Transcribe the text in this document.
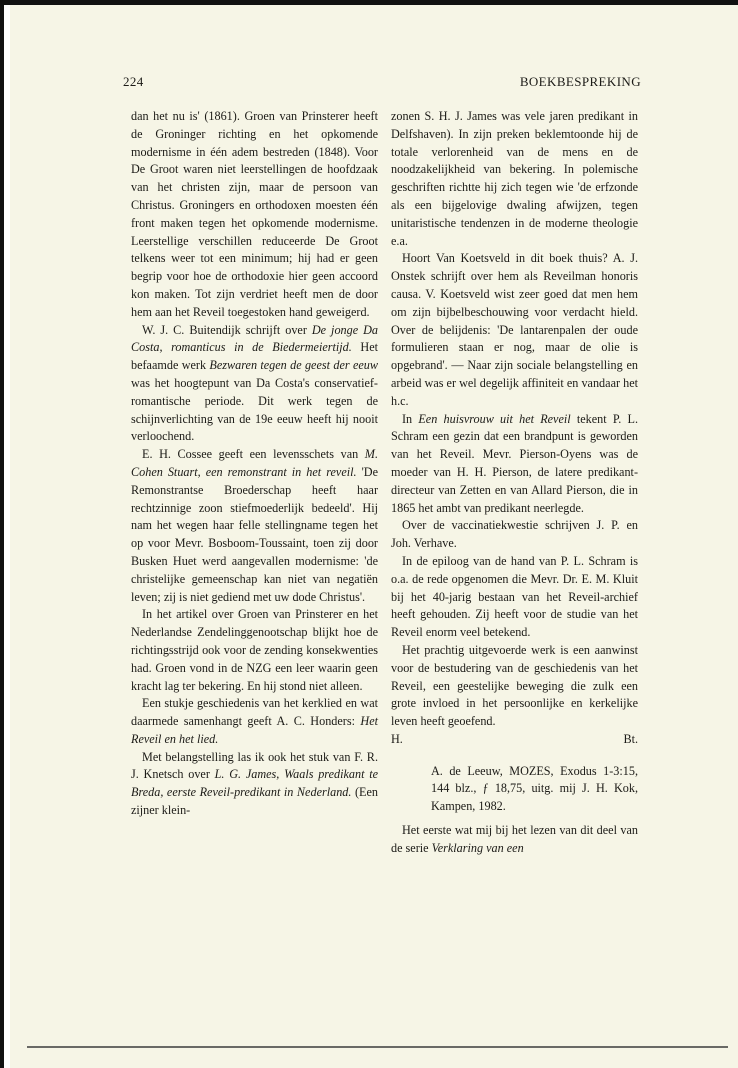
224	BOEKBESPREKING

dan het nu is' (1861). Groen van Prinsterer heeft de Groninger richting en het opkomende modernisme in één adem bestreden (1848). Voor De Groot waren niet leerstellingen de hoofdzaak van het christen zijn, maar de persoon van Christus. Groningers en orthodoxen moesten één front maken tegen het opkomende modernisme. Leerstellige verschillen reduceerde De Groot telkens weer tot een minimum; hij had er geen begrip voor hoe de orthodoxie hier geen accoord kon maken. Tot zijn verdriet heeft men de door hem aan het Reveil toegestoken hand geweigerd.

W. J. C. Buitendijk schrijft over De jonge Da Costa, romanticus in de Biedermeiertijd. Het befaamde werk Bezwaren tegen de geest der eeuw was het hoogtepunt van Da Costa's conservatief-romantische periode. Dit werk tegen de schijnverlichting van de 19e eeuw heeft hij nooit verloochend.

E. H. Cossee geeft een levensschets van M. Cohen Stuart, een remonstrant in het reveil. 'De Remonstrantse Broederschap heeft haar rechtzinnige zoon stiefmoederlijk bedeeld'. Hij nam het wegen haar felle stellingname tegen het op voor Mevr. Bosboom-Toussaint, toen zij door Busken Huet werd aangevallen modernisme: 'de christelijke gemeenschap kan niet van negatiën leven; zij is niet gediend met uw dode Christus'.

In het artikel over Groen van Prinsterer en het Nederlandse Zendelinggenootschap blijkt hoe de richtingsstrijd ook voor de zending konsekwenties had. Groen vond in de NZG een leer waarin geen kracht lag ter bekering. En hij stond niet alleen.

Een stukje geschiedenis van het kerklied en wat daarmede samenhangt geeft A. C. Honders: Het Reveil en het lied.

Met belangstelling las ik ook het stuk van F. R. J. Knetsch over L. G. James, Waals predikant te Breda, eerste Reveil-predikant in Nederland. (Een zijner klein-

zonen S. H. J. James was vele jaren predikant in Delfshaven). In zijn preken beklemtoonde hij de totale verlorenheid van de mens en de noodzakelijkheid van bekering. In polemische geschriften richtte hij zich tegen wie 'de erfzonde als een bijgelovige dwaling afwijzen, tegen unitaristische tendenzen in de moderne theologie e.a.

Hoort Van Koetsveld in dit boek thuis? A. J. Onstek schrijft over hem als Reveilman honoris causa. V. Koetsveld wist zeer goed dat men hem om zijn bijbelbeschouwing voor verdacht hield. Over de belijdenis: 'De lantarenpalen der oude formulieren staan er nog, maar de olie is opgebrand'. — Naar zijn sociale belangstelling en arbeid was er wel degelijk affiniteit en vandaar het h.c.

In Een huisvrouw uit het Reveil tekent P. L. Schram een gezin dat een brandpunt is geworden van het Reveil. Mevr. Pierson-Oyens was de moeder van H. H. Pierson, de latere predikant-directeur van Zetten en van Allard Pierson, die in 1865 het ambt van predikant neerlegde.

Over de vaccinatiekwestie schrijven J. P. en Joh. Verhave.

In de epiloog van de hand van P. L. Schram is o.a. de rede opgenomen die Mevr. Dr. E. M. Kluit bij het 40-jarig bestaan van het Reveil-archief heeft gehouden. Zij heeft voor de studie van het Reveil enorm veel betekend.

Het prachtig uitgevoerde werk is een aanwinst voor de bestudering van de geschiedenis van het Reveil, een geestelijke beweging die zulk een grote invloed in het persoonlijke en kerkelijke leven heeft geoefend.

H.	Bt.
A. de Leeuw, MOZES, Exodus 1-3:15, 144 blz., ƒ 18,75, uitg. mij J. H. Kok, Kampen, 1982.

Het eerste wat mij bij het lezen van dit deel van de serie Verklaring van een
